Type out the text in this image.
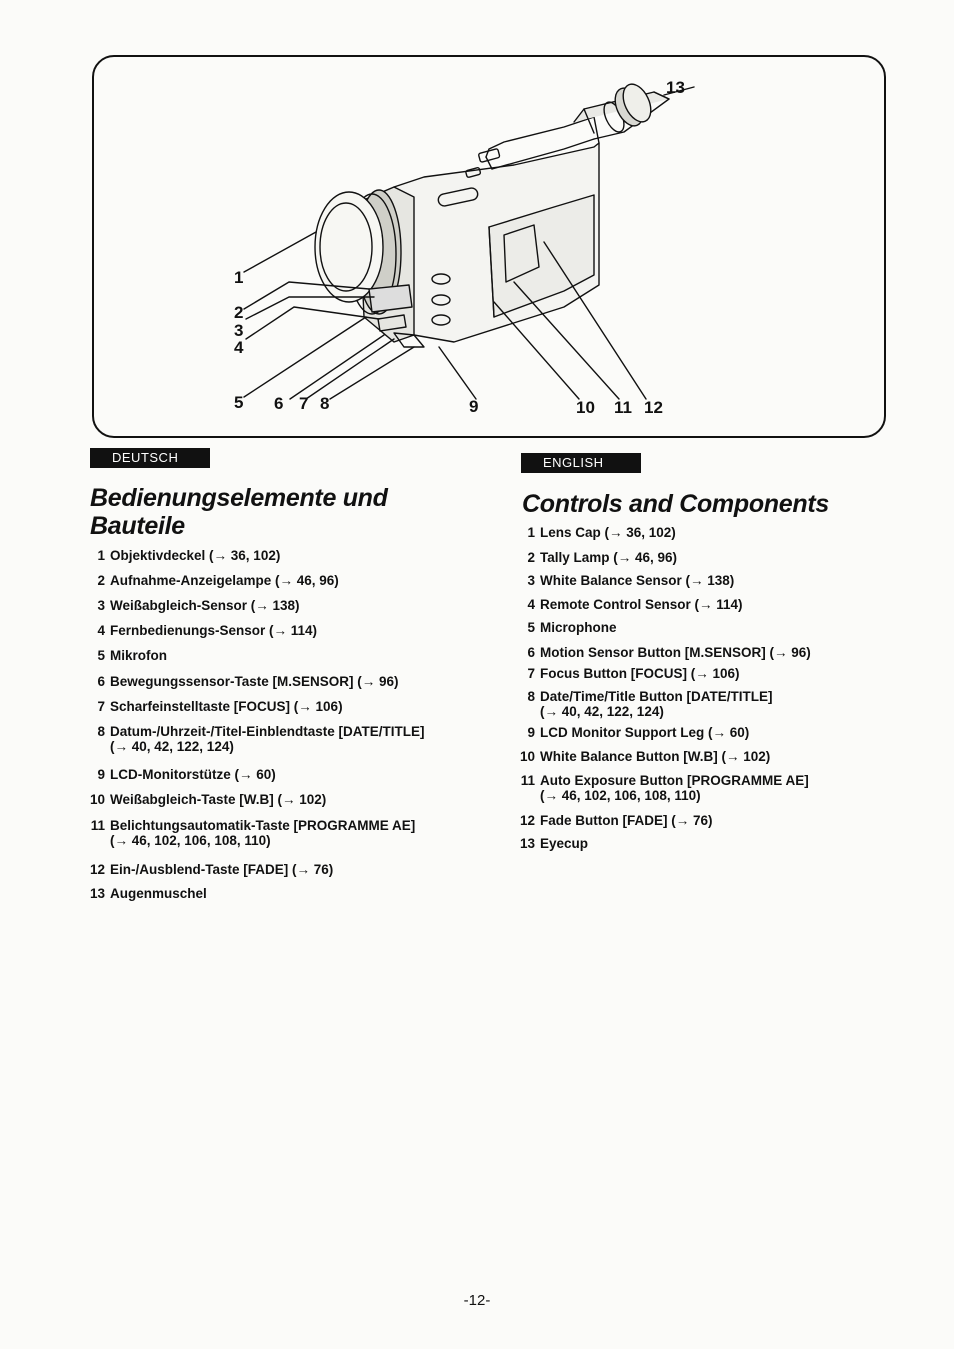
13
1
2
3
4
5 6 7 8	9	10 11 12
DEUTSCH
Bedienungselemente und
Bauteile
1 Objektivdeckel (→ 36, 102)
2 Aufnahme-Anzeigelampe (→ 46, 96)
3 Weißabgleich-Sensor (→ 138)
4 Fernbedienungs-Sensor (→ 114)
5 Mikrofon
6 Bewegungssensor-Taste [M.SENSOR] (→ 96)
7 Scharfeinstelltaste [FOCUS] (→ 106)
8 Datum-/Uhrzeit-/Titel-Einblendtaste [DATE/TITLE]
(→ 40, 42, 122, 124)
9 LCD-Monitorstütze (→ 60)
10 Weißabgleich-Taste [W.B] (→ 102)
11 Belichtungsautomatik-Taste [PROGRAMME AE]
(→ 46, 102, 106, 108, 110)
12 Ein-/Ausblend-Taste [FADE] (→ 76)
13 Augenmuschel
ENGLISH
Controls and Components
1 Lens Cap (→ 36, 102)
2 Tally Lamp (→ 46, 96)
3 White Balance Sensor (→ 138)
4 Remote Control Sensor (→ 114)
5 Microphone
6 Motion Sensor Button [M.SENSOR] (→ 96)
7 Focus Button [FOCUS] (→ 106)
8 Date/Time/Title Button [DATE/TITLE]
(→ 40, 42, 122, 124)
9 LCD Monitor Support Leg (→ 60)
10 White Balance Button [W.B] (→ 102)
11 Auto Exposure Button [PROGRAMME AE]
(→ 46, 102, 106, 108, 110)
12 Fade Button [FADE] (→ 76)
13 Eyecup
-12-
